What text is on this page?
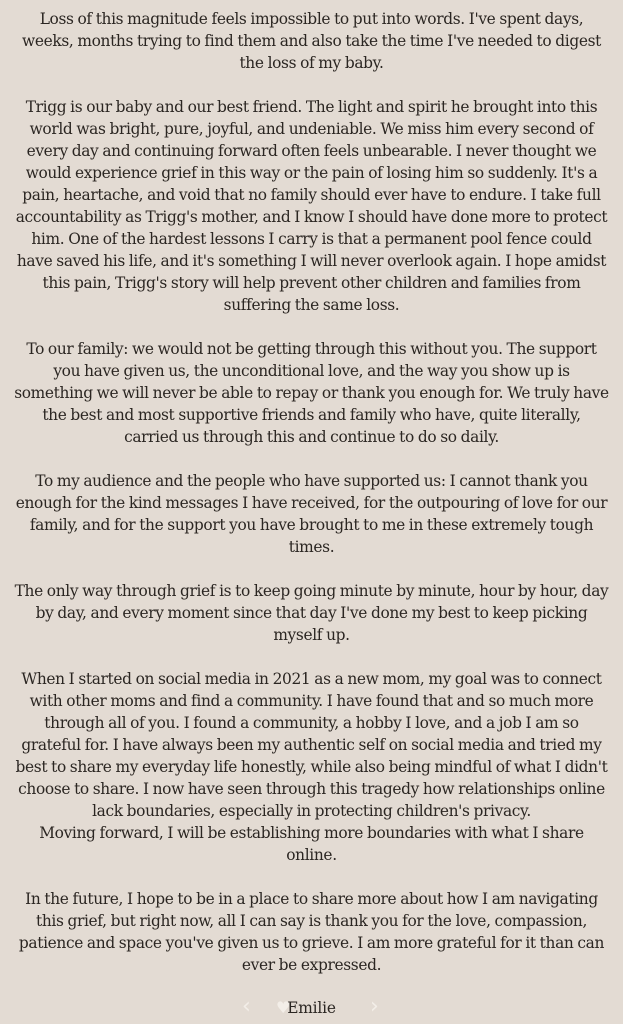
Loss of this magnitude feels impossible to put into words. I've spent days, weeks, months trying to find them and also take the time I've needed to digest the loss of my baby.

Trigg is our baby and our best friend. The light and spirit he brought into this world was bright, pure, joyful, and undeniable. We miss him every second of every day and continuing forward often feels unbearable. I never thought we would experience grief in this way or the pain of losing him so suddenly. It's a pain, heartache, and void that no family should ever have to endure. I take full accountability as Trigg's mother, and I know I should have done more to protect him. One of the hardest lessons I carry is that a permanent pool fence could have saved his life, and it's something I will never overlook again. I hope amidst this pain, Trigg's story will help prevent other children and families from suffering the same loss.

To our family: we would not be getting through this without you. The support you have given us, the unconditional love, and the way you show up is something we will never be able to repay or thank you enough for. We truly have the best and most supportive friends and family who have, quite literally, carried us through this and continue to do so daily.

To my audience and the people who have supported us: I cannot thank you enough for the kind messages I have received, for the outpouring of love for our family, and for the support you have brought to me in these extremely tough times.

The only way through grief is to keep going minute by minute, hour by hour, day by day, and every moment since that day I've done my best to keep picking myself up.

When I started on social media in 2021 as a new mom, my goal was to connect with other moms and find a community. I have found that and so much more through all of you. I found a community, a hobby I love, and a job I am so grateful for. I have always been my authentic self on social media and tried my best to share my everyday life honestly, while also being mindful of what I didn't choose to share. I now have seen through this tragedy how relationships online lack boundaries, especially in protecting children's privacy.

Moving forward, I will be establishing more boundaries with what I share online.

In the future, I hope to be in a place to share more about how I am navigating this grief, but right now, all I can say is thank you for the love, compassion, patience and space you've given us to grieve. I am more grateful for it than can ever be expressed.

‹ ♥
Emilie	›
